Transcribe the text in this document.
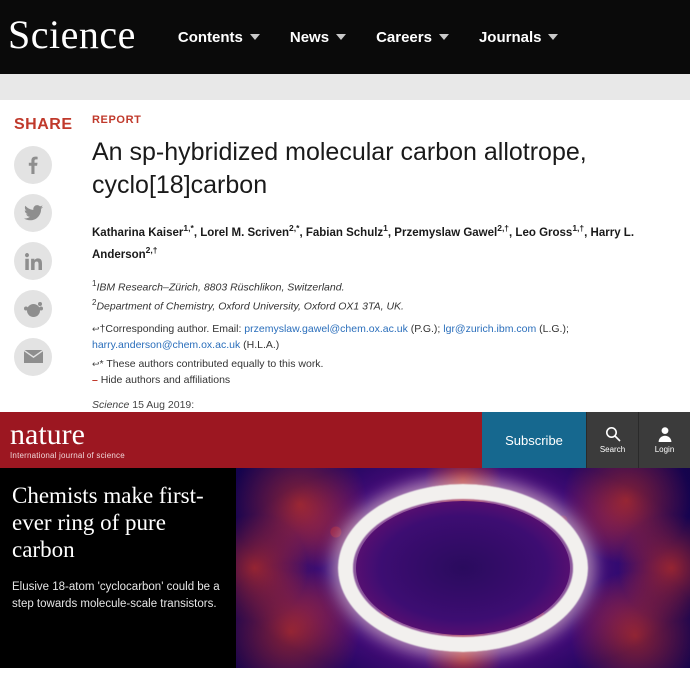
Science	Contents	News	Careers	Journals
SHARE REPORT
An sp-hybridized molecular carbon allotrope, cyclo[18]carbon
Katharina Kaiser$^{1,*}$, Lorel M. Scriven$^{2,*}$, Fabian Schulz$^1$, Przemyslaw Gawel$^{2,\dagger}$, Leo Gross$^{1,\dagger}$, Harry L. Anderson$^{2,\dagger}$
$^1$IBM Research–Zürich, 8803 Rüschlikon, Switzerland.
$^2$Department of Chemistry, Oxford University, Oxford OX1 3TA, UK.
↩†Corresponding author. Email: przemyslaw.gawel@chem.ox.ac.uk (P.G.); lgr@zurich.ibm.com (L.G.); harry.anderson@chem.ox.ac.uk (H.L.A.)
↩* These authors contributed equally to this work.
– Hide authors and affiliations
Science 15 Aug 2019:

nature
International journal of science
Subscribe
Search	Login
Chemists make first-ever ring of pure carbon
Elusive 18-atom 'cyclocarbon' could be a step towards molecule-scale transistors.
